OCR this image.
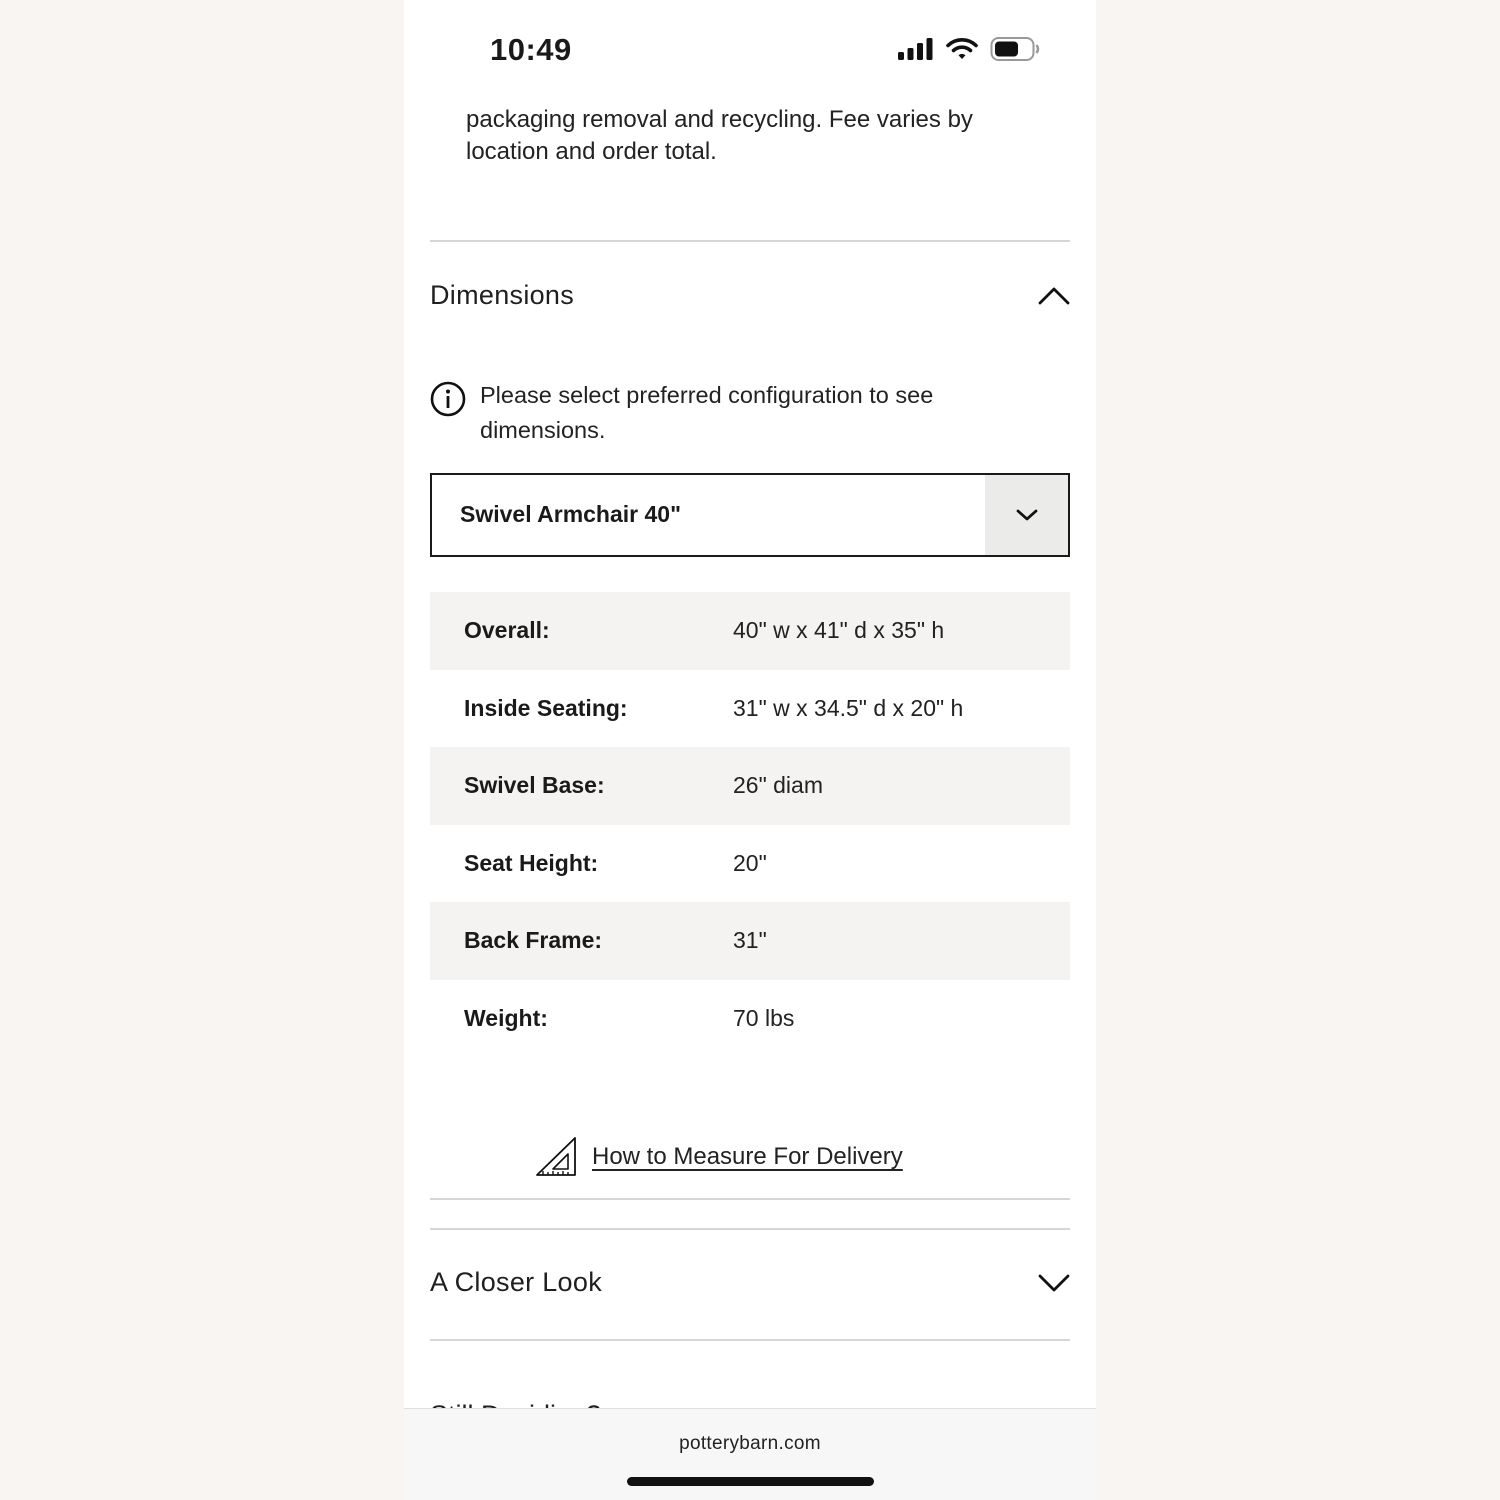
10:49

packaging removal and recycling. Fee varies by location and order total.

Dimensions
Please select preferred configuration to see dimensions.
Swivel Armchair 40"
Overall:	40" w x 41" d x 35" h
Inside Seating:	31" w x 34.5" d x 20" h
Swivel Base:	26" diam
Seat Height:	20"
Back Frame:	31"
Weight:	70 lbs
How to Measure For Delivery
A Closer Look
potterybarn.com
